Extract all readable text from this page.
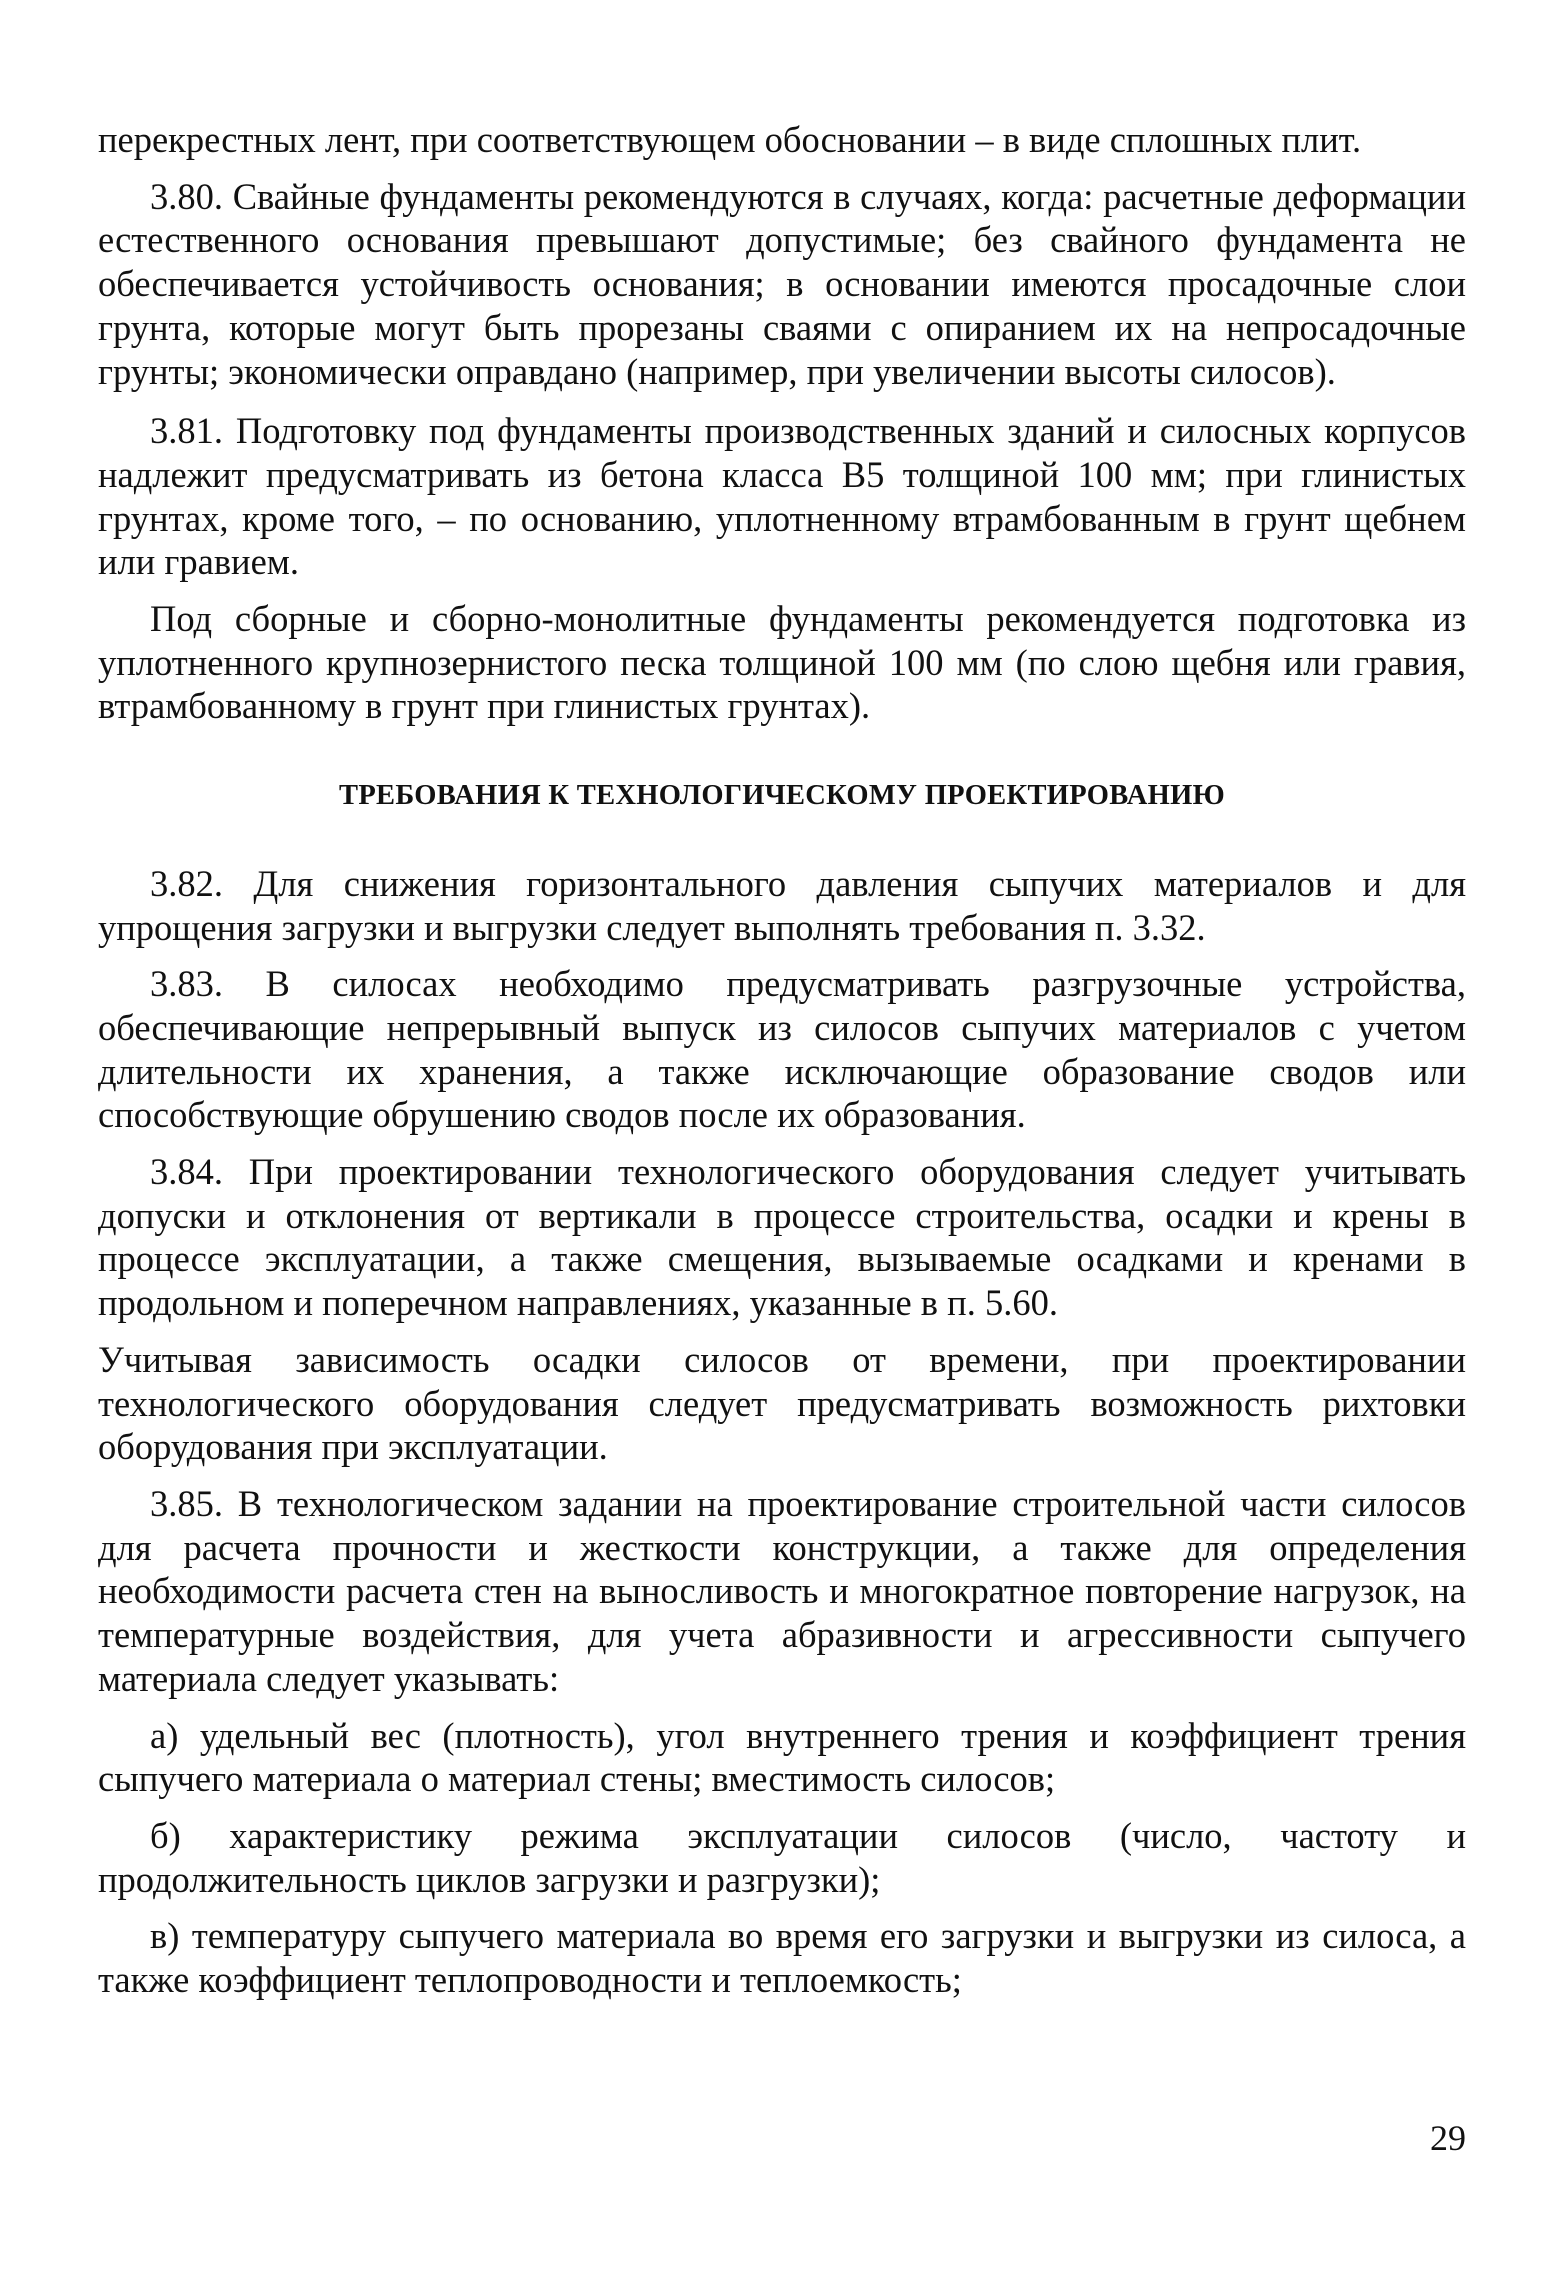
перекрестных лент, при соответствующем обосновании – в виде сплошных плит.

3.80. Свайные фундаменты рекомендуются в случаях, когда: расчетные деформации естественного основания превышают допустимые; без свайного фундамента не обеспечивается устойчивость основания; в основании имеются просадочные слои грунта, которые могут быть прорезаны сваями с опиранием их на непросадочные грунты; экономически оправдано (например, при увеличении высоты силосов).

3.81. Подготовку под фундаменты производственных зданий и силосных корпусов надлежит предусматривать из бетона класса В5 толщиной 100 мм; при глинистых грунтах, кроме того, – по основанию, уплотненному втрамбованным в грунт щебнем или гравием.

Под сборные и сборно-монолитные фундаменты рекомендуется подготовка из уплотненного крупнозернистого песка толщиной 100 мм (по слою щебня или гравия, втрамбованному в грунт при глинистых грунтах).

ТРЕБОВАНИЯ К ТЕХНОЛОГИЧЕСКОМУ ПРОЕКТИРОВАНИЮ

3.82. Для снижения горизонтального давления сыпучих материалов и для упрощения загрузки и выгрузки следует выполнять требования п. 3.32.

3.83. В силосах необходимо предусматривать разгрузочные устройства, обеспечивающие непрерывный выпуск из силосов сыпучих материалов с учетом длительности их хранения, а также исключающие образование сводов или способствующие обрушению сводов после их образования.

3.84. При проектировании технологического оборудования следует учитывать допуски и отклонения от вертикали в процессе строительства, осадки и крены в процессе эксплуатации, а также смещения, вызываемые осадками и кренами в продольном и поперечном направлениях, указанные в п. 5.60.

Учитывая зависимость осадки силосов от времени, при проектировании технологического оборудования следует предусматривать возможность рихтовки оборудования при эксплуатации.

3.85. В технологическом задании на проектирование строительной части силосов для расчета прочности и жесткости конструкции, а также для определения необходимости расчета стен на выносливость и многократное повторение нагрузок, на температурные воздействия, для учета абразивности и агрессивности сыпучего материала следует указывать:

а) удельный вес (плотность), угол внутреннего трения и коэффициент трения сыпучего материала о материал стены; вместимость силосов;

б) характеристику режима эксплуатации силосов (число, частоту и продолжительность циклов загрузки и разгрузки);

в) температуру сыпучего материала во время его загрузки и выгрузки из силоса, а также коэффициент теплопроводности и теплоемкость;

29
